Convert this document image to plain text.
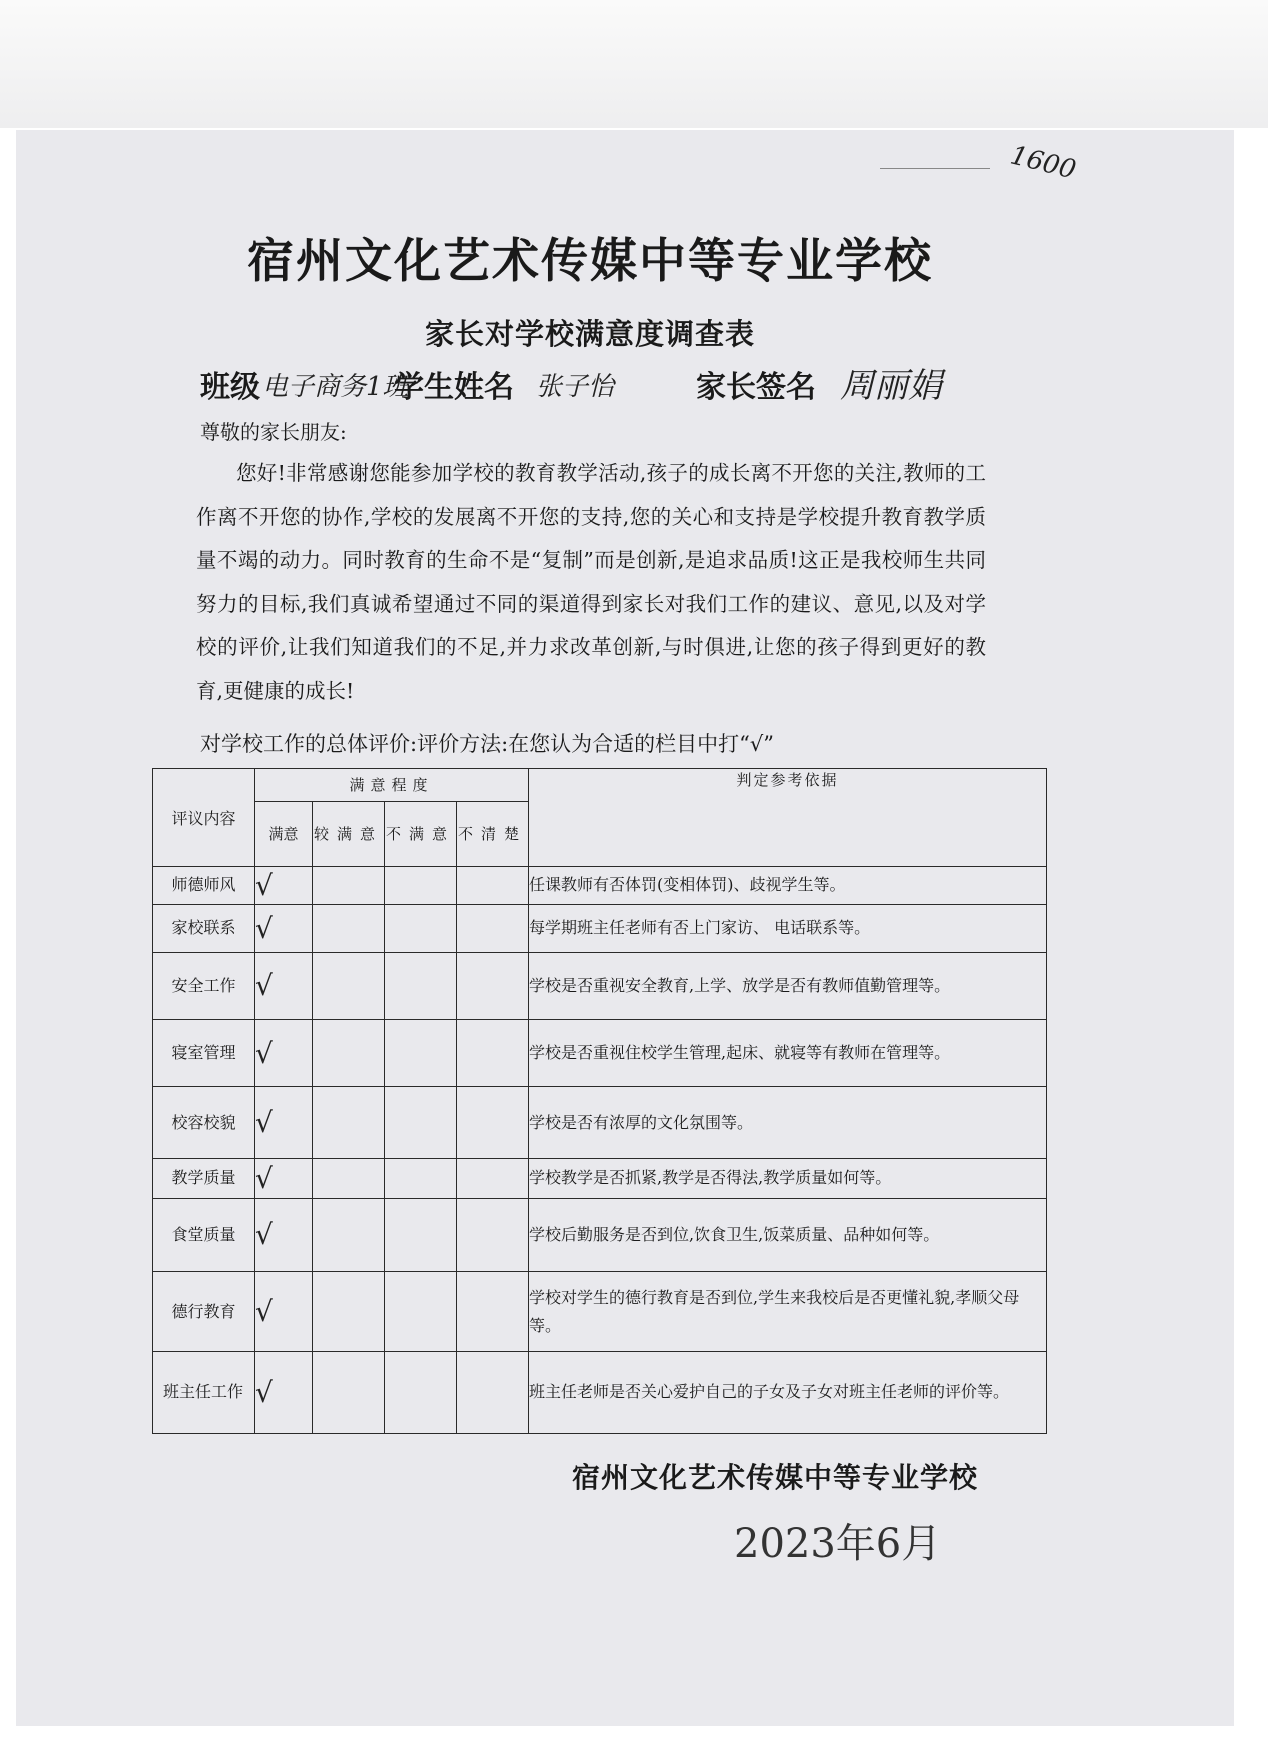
1600
宿州文化艺术传媒中等专业学校
家长对学校满意度调查表
班级 电子商务1班
学生姓名 张子怡	家长签名 周丽娟
尊敬的家长朋友:
您好!非常感谢您能参加学校的教育教学活动,孩子的成长离不开您的关注,教师的工作离不开您的协作,学校的发展离不开您的支持,您的关心和支持是学校提升教育教学质量不竭的动力。同时教育的生命不是“复制”而是创新,是追求品质!这正是我校师生共同努力的目标,我们真诚希望通过不同的渠道得到家长对我们工作的建议、意见,以及对学校的评价,让我们知道我们的不足,并力求改革创新,与时俱进,让您的孩子得到更好的教育,更健康的成长!
对学校工作的总体评价:评价方法:在您认为合适的栏目中打“√”
评议内容	满意程度				判定参考依据
	满意	较满意	不满意	不清楚	
师德师风	√				任课教师有否体罚(变相体罚)、歧视学生等。
家校联系	√				每学期班主任老师有否上门家访、 电话联系等。
安全工作	√				学校是否重视安全教育,上学、放学是否有教师值勤管理等。
寝室管理	√				学校是否重视住校学生管理,起床、就寝等有教师在管理等。
校容校貌	√				学校是否有浓厚的文化氛围等。
教学质量	√				学校教学是否抓紧,教学是否得法,教学质量如何等。
食堂质量	√				学校后勤服务是否到位,饮食卫生,饭菜质量、品种如何等。
德行教育	√				学校对学生的德行教育是否到位,学生来我校后是否更懂礼貌,孝顺父母等。
班主任工作	√				班主任老师是否关心爱护自己的子女及子女对班主任老师的评价等。
宿州文化艺术传媒中等专业学校
2023年6月
